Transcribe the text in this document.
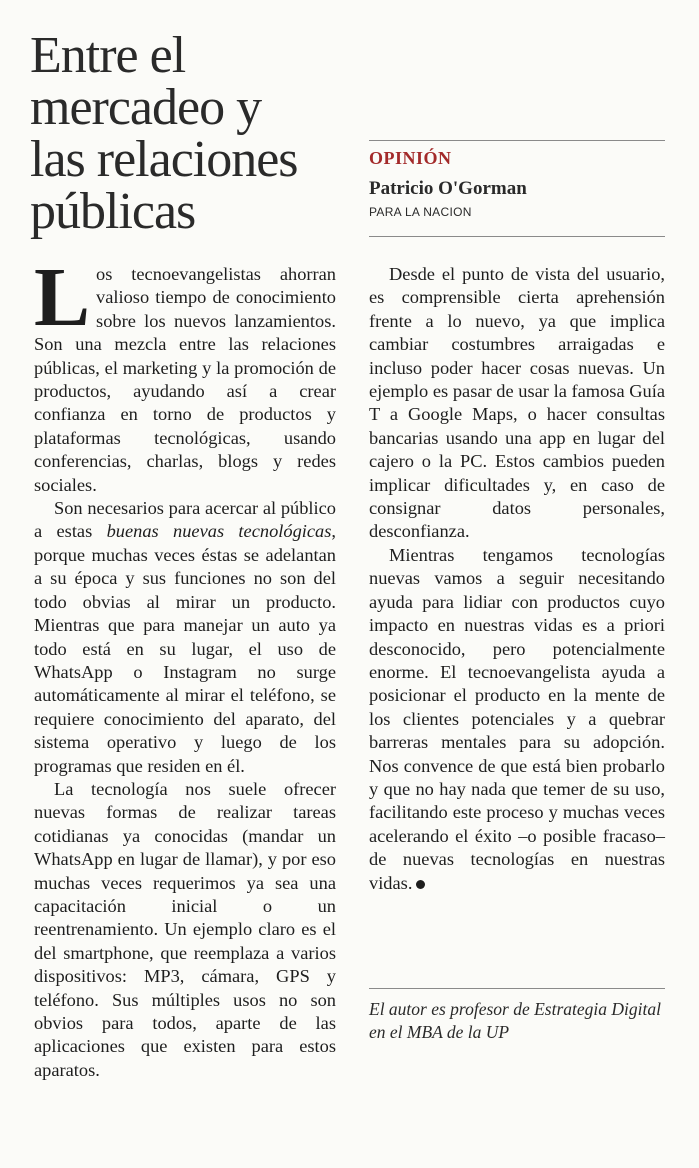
Entre el
mercadeo y
las relaciones
públicas
OPINIÓN
Patricio O'Gorman
PARA LA NACION

Los tecnoevangelistas ahorran valioso tiempo de conocimiento sobre los nuevos lanzamientos. Son una mezcla entre las relaciones públicas, el marketing y la promoción de productos, ayudando así a crear confianza en torno de productos y plataformas tecnológicas, usando conferencias, charlas, blogs y redes sociales.

Son necesarios para acercar al público a estas buenas nuevas tecnológicas, porque muchas veces éstas se adelantan a su época y sus funciones no son del todo obvias al mirar un producto. Mientras que para manejar un auto ya todo está en su lugar, el uso de WhatsApp o Instagram no surge automáticamente al mirar el teléfono, se requiere conocimiento del aparato, del sistema operativo y luego de los programas que residen en él.

La tecnología nos suele ofrecer nuevas formas de realizar tareas cotidianas ya conocidas (mandar un WhatsApp en lugar de llamar), y por eso muchas veces requerimos ya sea una capacitación inicial o un reentrenamiento. Un ejemplo claro es el del smartphone, que reemplaza a varios dispositivos: MP3, cámara, GPS y teléfono. Sus múltiples usos no son obvios para todos, aparte de las aplicaciones que existen para estos aparatos.

Desde el punto de vista del usuario, es comprensible cierta aprehensión frente a lo nuevo, ya que implica cambiar costumbres arraigadas e incluso poder hacer cosas nuevas. Un ejemplo es pasar de usar la famosa Guía T a Google Maps, o hacer consultas bancarias usando una app en lugar del cajero o la PC. Estos cambios pueden implicar dificultades y, en caso de consignar datos personales, desconfianza.

Mientras tengamos tecnologías nuevas vamos a seguir necesitando ayuda para lidiar con productos cuyo impacto en nuestras vidas es a priori desconocido, pero potencialmente enorme. El tecnoevangelista ayuda a posicionar el producto en la mente de los clientes potenciales y a quebrar barreras mentales para su adopción. Nos convence de que está bien probarlo y que no hay nada que temer de su uso, facilitando este proceso y muchas veces acelerando el éxito –o posible fracaso– de nuevas tecnologías en nuestras vidas.

El autor es profesor de Estrategia Digital en el MBA de la UP
